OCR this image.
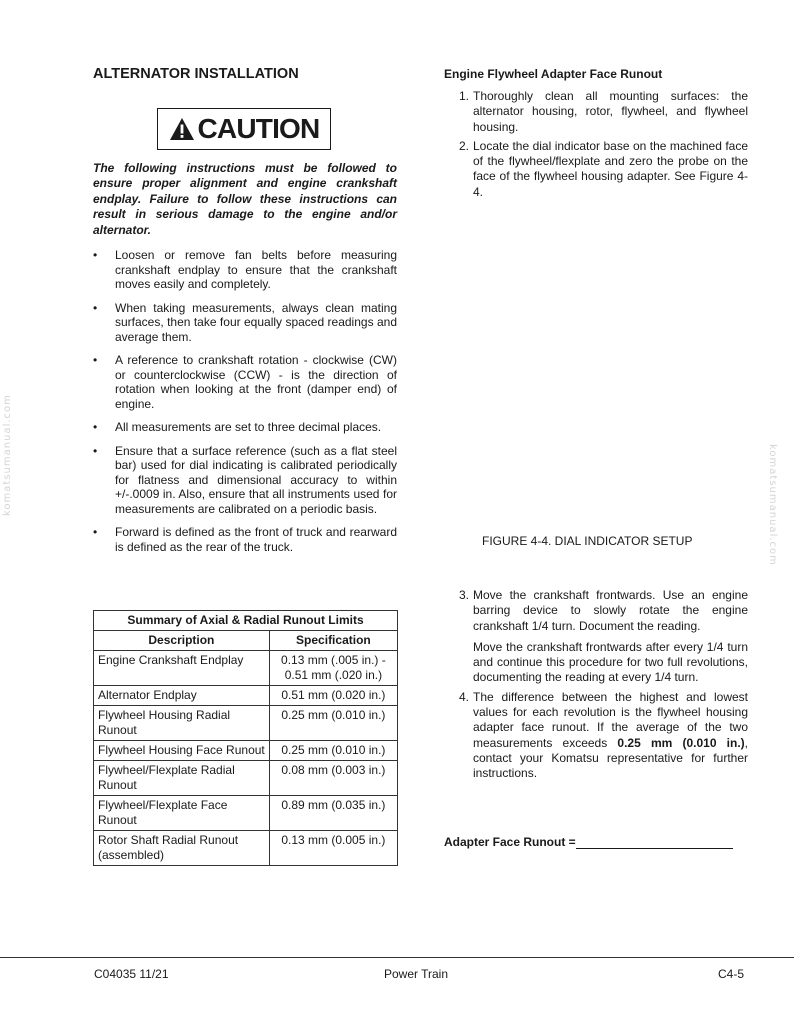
ALTERNATOR INSTALLATION
CAUTION

The following instructions must be followed to ensure proper alignment and engine crankshaft endplay. Failure to follow these instructions can result in serious damage to the engine and/or alternator.

• Loosen or remove fan belts before measuring crankshaft endplay to ensure that the crankshaft moves easily and completely.
• When taking measurements, always clean mating surfaces, then take four equally spaced readings and average them.
• A reference to crankshaft rotation - clockwise (CW) or counterclockwise (CCW) - is the direction of rotation when looking at the front (damper end) of engine.
• All measurements are set to three decimal places.
• Ensure that a surface reference (such as a flat steel bar) used for dial indicating is calibrated periodically for flatness and dimensional accuracy to within +/-.0009 in. Also, ensure that all instruments used for measurements are calibrated on a periodic basis.
• Forward is defined as the front of truck and rearward is defined as the rear of the truck.
Summary of Axial & Radial Runout Limits
Description	Specification
Engine Crankshaft Endplay	0.13 mm (.005 in.) - 0.51 mm (.020 in.)
Alternator Endplay	0.51 mm (0.020 in.)
Flywheel Housing Radial Runout	0.25 mm (0.010 in.)
Flywheel Housing Face Runout	0.25 mm (0.010 in.)
Flywheel/Flexplate Radial Runout	0.08 mm (0.003 in.)
Flywheel/Flexplate Face Runout	0.89 mm (0.035 in.)
Rotor Shaft Radial Runout (assembled)	0.13 mm (0.005 in.)
Engine Flywheel Adapter Face Runout
1. Thoroughly clean all mounting surfaces: the alternator housing, rotor, flywheel, and flywheel housing.

2. Locate the dial indicator base on the machined face of the flywheel/flexplate and zero the probe on the face of the flywheel housing adapter. See Figure 4-4.

FIGURE 4-4. DIAL INDICATOR SETUP

3. Move the crankshaft frontwards. Use an engine barring device to slowly rotate the engine crankshaft 1/4 turn. Document the reading.

Move the crankshaft frontwards after every 1/4 turn and continue this procedure for two full revolutions, documenting the reading at every 1/4 turn.

4. The difference between the highest and lowest values for each revolution is the flywheel housing adapter face runout. If the average of the two measurements exceeds 0.25 mm (0.010 in.), contact your Komatsu representative for further instructions.

Adapter Face Runout =

komatsumanual.com	komatsumanual.com

C04035 11/21	Power Train	C4-5
